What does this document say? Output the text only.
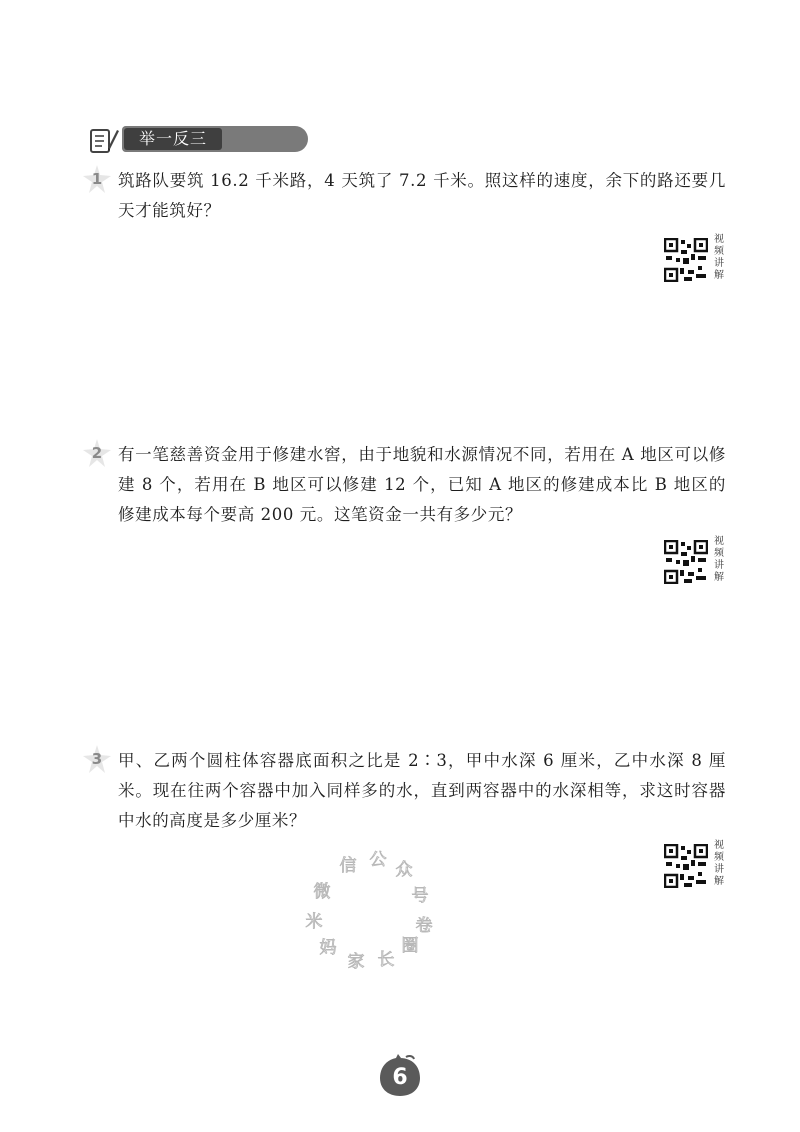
举一反三
1 筑路队要筑 16.2 千米路，4 天筑了 7.2 千米。照这样的速度，余下的路还要几天才能筑好？
视
频
讲
解
2 有一笔慈善资金用于修建水窖，由于地貌和水源情况不同，若用在 A 地区可以修建 8 个，若用在 B 地区可以修建 12 个，已知 A 地区的修建成本比 B 地区的修建成本每个要高 200 元。这笔资金一共有多少元？
视
频
讲
解
3 甲、乙两个圆柱体容器底面积之比是 2∶3，甲中水深 6 厘米，乙中水深 8 厘米。现在往两个容器中加入同样多的水，直到两容器中的水深相等，求这时容器中水的高度是多少厘米？
视
频
讲
解
微
信 公 众
号
卷
米
妈
家 长
圈
6
